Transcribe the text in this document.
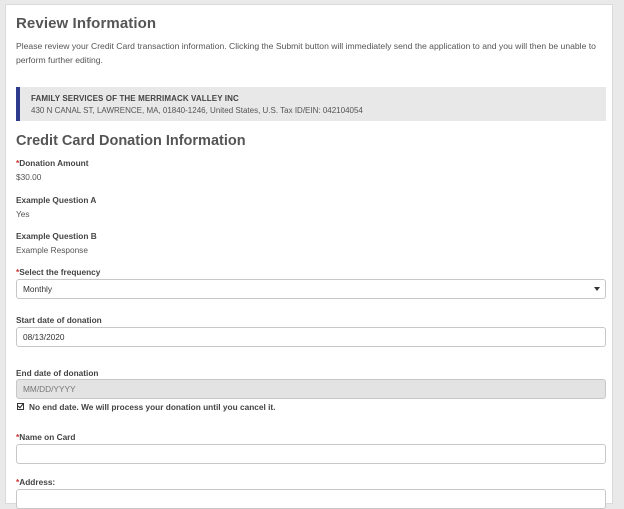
Review Information
Please review your Credit Card transaction information. Clicking the Submit button will immediately send the application to and you will then be unable to perform further editing.
FAMILY SERVICES OF THE MERRIMACK VALLEY INC
430 N CANAL ST, LAWRENCE, MA, 01840-1246, United States, U.S. Tax ID/EIN: 042104054
Credit Card Donation Information
*Donation Amount
$30.00
Example Question A
Yes
Example Question B
Example Response
*Select the frequency
Monthly
Start date of donation
08/13/2020
End date of donation
MM/DD/YYYY
No end date. We will process your donation until you cancel it.
*Name on Card
*Address:
